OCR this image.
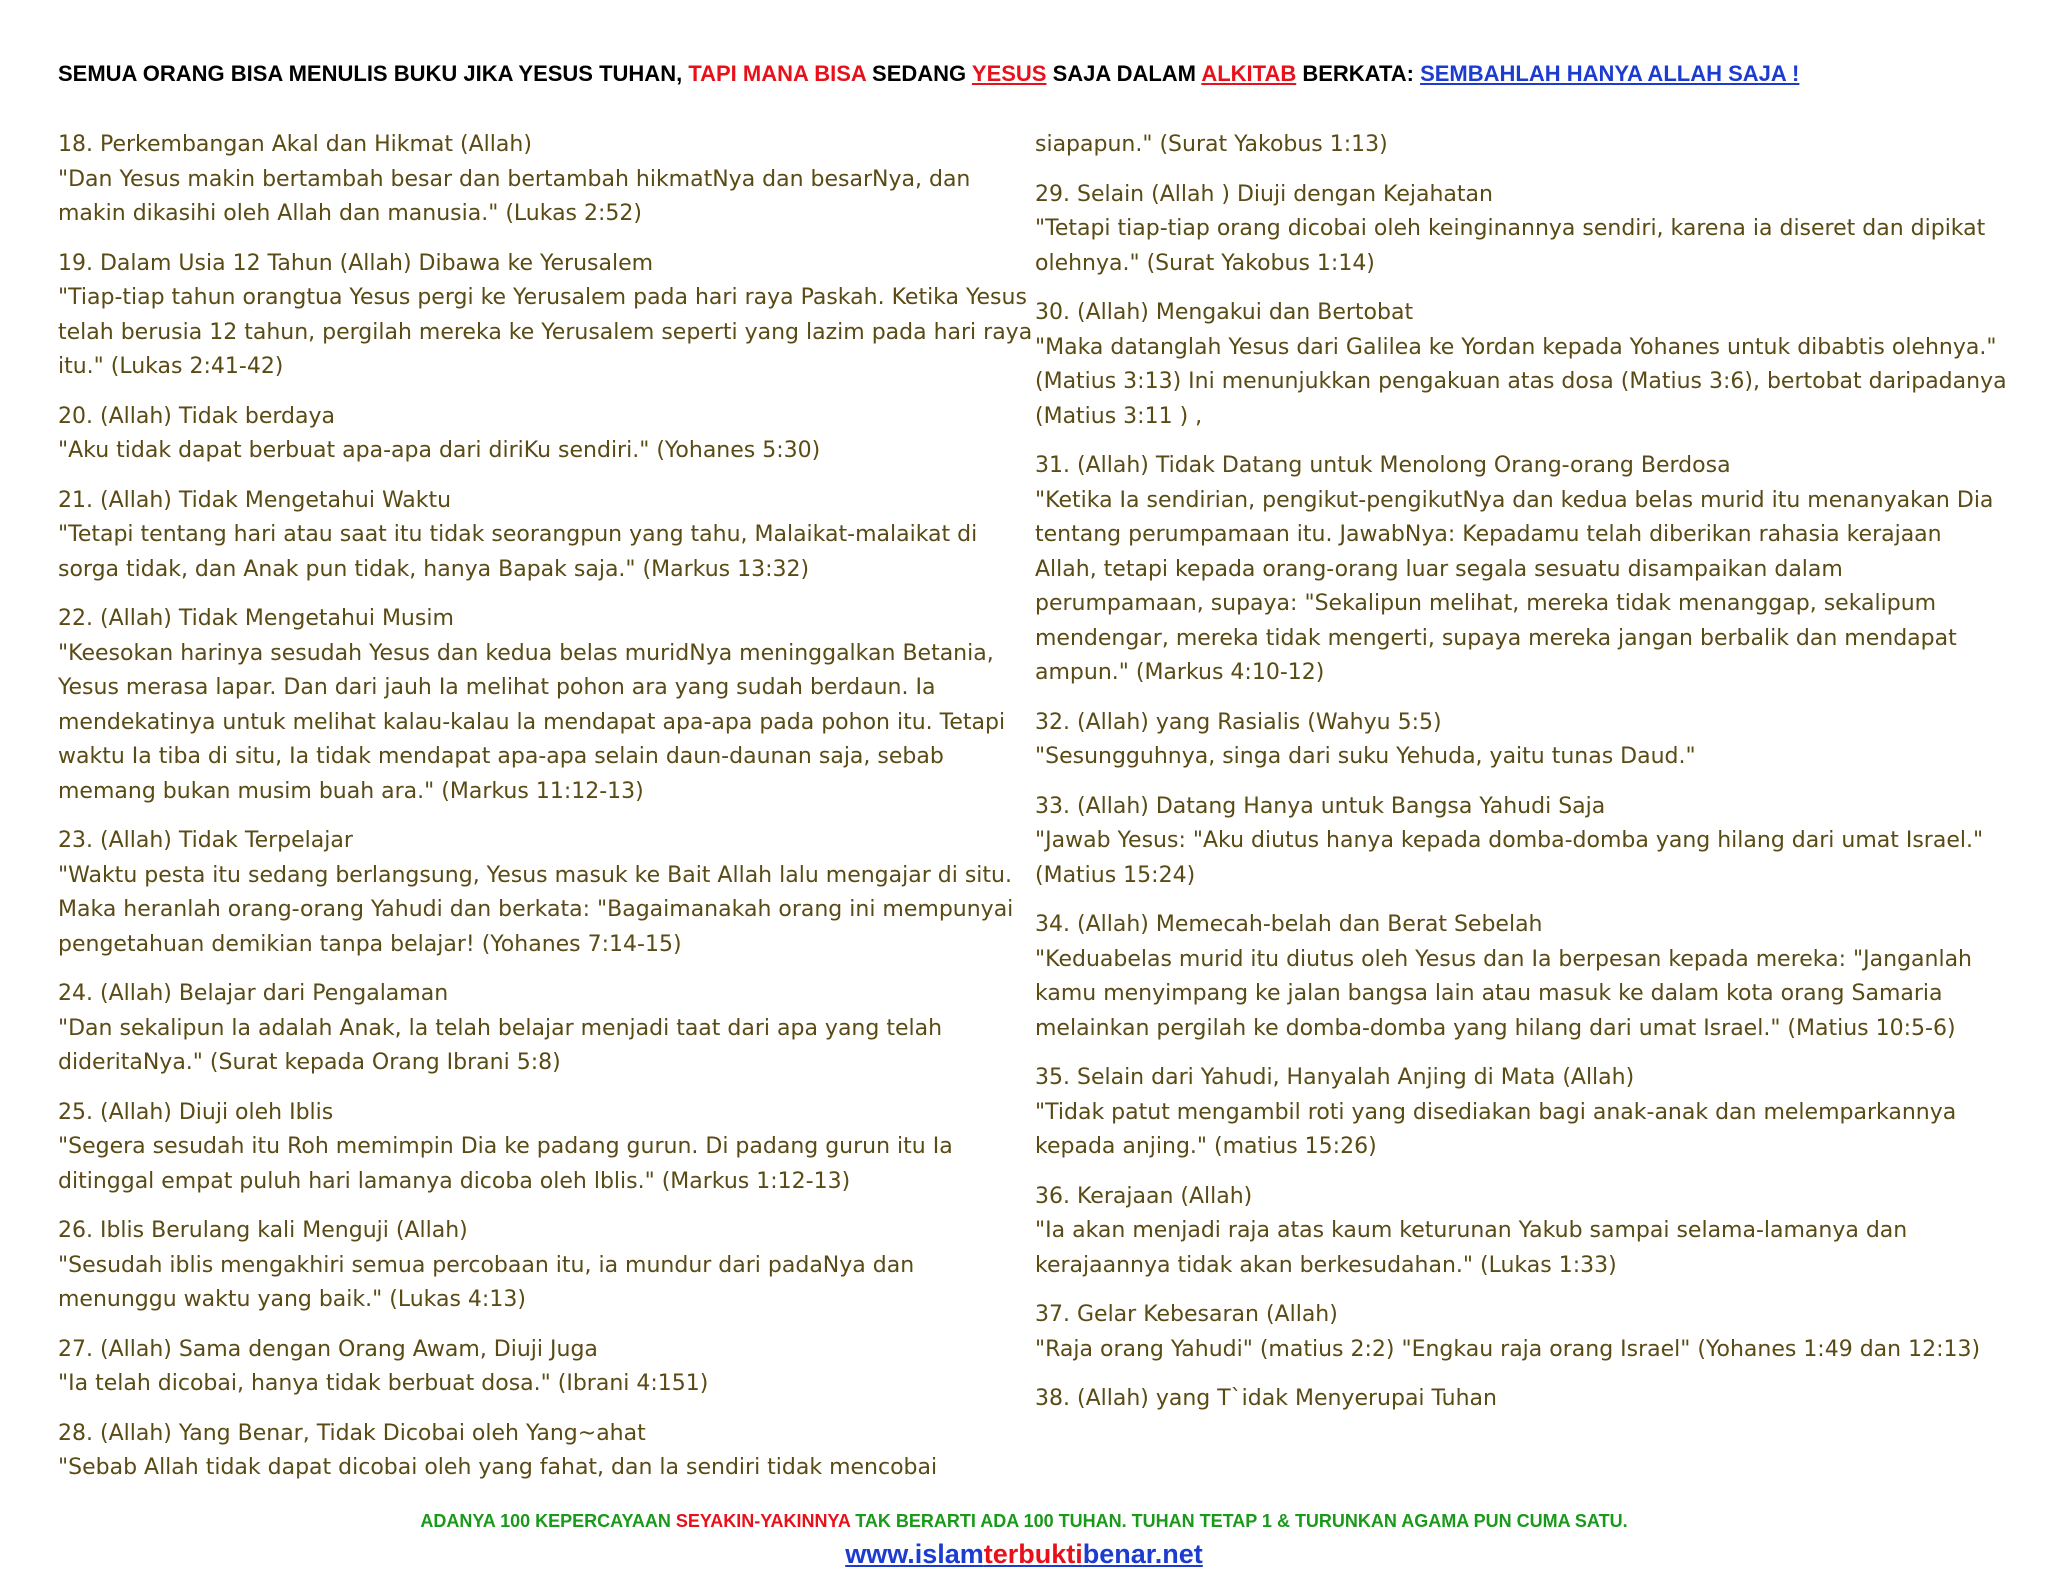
SEMUA ORANG BISA MENULIS BUKU JIKA YESUS TUHAN, TAPI MANA BISA SEDANG YESUS SAJA DALAM ALKITAB BERKATA: SEMBAHLAH HANYA ALLAH SAJA !
18. Perkembangan Akal dan Hikmat (Allah)
"Dan Yesus makin bertambah besar dan bertambah hikmatNya dan besarNya, dan makin dikasihi oleh Allah dan manusia." (Lukas 2:52)
19. Dalam Usia 12 Tahun (Allah) Dibawa ke Yerusalem
"Tiap-tiap tahun orangtua Yesus pergi ke Yerusalem pada hari raya Paskah. Ketika Yesus telah berusia 12 tahun, pergilah mereka ke Yerusalem seperti yang lazim pada hari raya itu." (Lukas 2:41-42)
20. (Allah) Tidak berdaya
"Aku tidak dapat berbuat apa-apa dari diriKu sendiri." (Yohanes 5:30)
21. (Allah) Tidak Mengetahui Waktu
"Tetapi tentang hari atau saat itu tidak seorangpun yang tahu, Malaikat-malaikat di sorga tidak, dan Anak pun tidak, hanya Bapak saja." (Markus 13:32)
22. (Allah) Tidak Mengetahui Musim
"Keesokan harinya sesudah Yesus dan kedua belas muridNya meninggalkan Betania, Yesus merasa lapar. Dan dari jauh Ia melihat pohon ara yang sudah berdaun. Ia mendekatinya untuk melihat kalau-kalau la mendapat apa-apa pada pohon itu. Tetapi waktu Ia tiba di situ, Ia tidak mendapat apa-apa selain daun-daunan saja, sebab memang bukan musim buah ara." (Markus 11:12-13)
23. (Allah) Tidak Terpelajar
"Waktu pesta itu sedang berlangsung, Yesus masuk ke Bait Allah lalu mengajar di situ. Maka heranlah orang-orang Yahudi dan berkata: "Bagaimanakah orang ini mempunyai pengetahuan demikian tanpa belajar! (Yohanes 7:14-15)
24. (Allah) Belajar dari Pengalaman
"Dan sekalipun la adalah Anak, la telah belajar menjadi taat dari apa yang telah dideritaNya." (Surat kepada Orang Ibrani 5:8)
25. (Allah) Diuji oleh Iblis
"Segera sesudah itu Roh memimpin Dia ke padang gurun. Di padang gurun itu Ia ditinggal empat puluh hari lamanya dicoba oleh lblis." (Markus 1:12-13)
26. Iblis Berulang kali Menguji (Allah)
"Sesudah iblis mengakhiri semua percobaan itu, ia mundur dari padaNya dan menunggu waktu yang baik." (Lukas 4:13)
27. (Allah) Sama dengan Orang Awam, Diuji Juga
"Ia telah dicobai, hanya tidak berbuat dosa." (Ibrani 4:151)
28. (Allah) Yang Benar, Tidak Dicobai oleh Yang~ahat
"Sebab Allah tidak dapat dicobai oleh yang fahat, dan la sendiri tidak mencobai
siapapun." (Surat Yakobus 1:13)
29. Selain (Allah ) Diuji dengan Kejahatan
"Tetapi tiap-tiap orang dicobai oleh keinginannya sendiri, karena ia diseret dan dipikat olehnya." (Surat Yakobus 1:14)
30. (Allah) Mengakui dan Bertobat
"Maka datanglah Yesus dari Galilea ke Yordan kepada Yohanes untuk dibabtis olehnya." (Matius 3:13) Ini menunjukkan pengakuan atas dosa (Matius 3:6), bertobat daripadanya (Matius 3:11 ) ,
31. (Allah) Tidak Datang untuk Menolong Orang-orang Berdosa
"Ketika Ia sendirian, pengikut-pengikutNya dan kedua belas murid itu menanyakan Dia tentang perumpamaan itu. JawabNya: Kepadamu telah diberikan rahasia kerajaan Allah, tetapi kepada orang-orang luar segala sesuatu disampaikan dalam perumpamaan, supaya: "Sekalipun melihat, mereka tidak menanggap, sekalipum mendengar, mereka tidak mengerti, supaya mereka jangan berbalik dan mendapat ampun." (Markus 4:10-12)
32. (Allah) yang Rasialis (Wahyu 5:5)
"Sesungguhnya, singa dari suku Yehuda, yaitu tunas Daud."
33. (Allah) Datang Hanya untuk Bangsa Yahudi Saja
"Jawab Yesus: "Aku diutus hanya kepada domba-domba yang hilang dari umat Israel." (Matius 15:24)
34. (Allah) Memecah-belah dan Berat Sebelah
"Keduabelas murid itu diutus oleh Yesus dan Ia berpesan kepada mereka: "Janganlah kamu menyimpang ke jalan bangsa lain atau masuk ke dalam kota orang Samaria melainkan pergilah ke domba-domba yang hilang dari umat Israel." (Matius 10:5-6)
35. Selain dari Yahudi, Hanyalah Anjing di Mata (Allah)
"Tidak patut mengambil roti yang disediakan bagi anak-anak dan melemparkannya kepada anjing." (matius 15:26)
36. Kerajaan (Allah)
"Ia akan menjadi raja atas kaum keturunan Yakub sampai selama-lamanya dan kerajaannya tidak akan berkesudahan." (Lukas 1:33)
37. Gelar Kebesaran (Allah)
"Raja orang Yahudi" (matius 2:2) "Engkau raja orang Israel" (Yohanes 1:49 dan 12:13)
38. (Allah) yang T`idak Menyerupai Tuhan
ADANYA 100 KEPERCAYAAN SEYAKIN-YAKINNYA TAK BERARTI ADA 100 TUHAN. TUHAN TETAP 1 & TURUNKAN AGAMA PUN CUMA SATU.
www.islamterbuktibenar.net
